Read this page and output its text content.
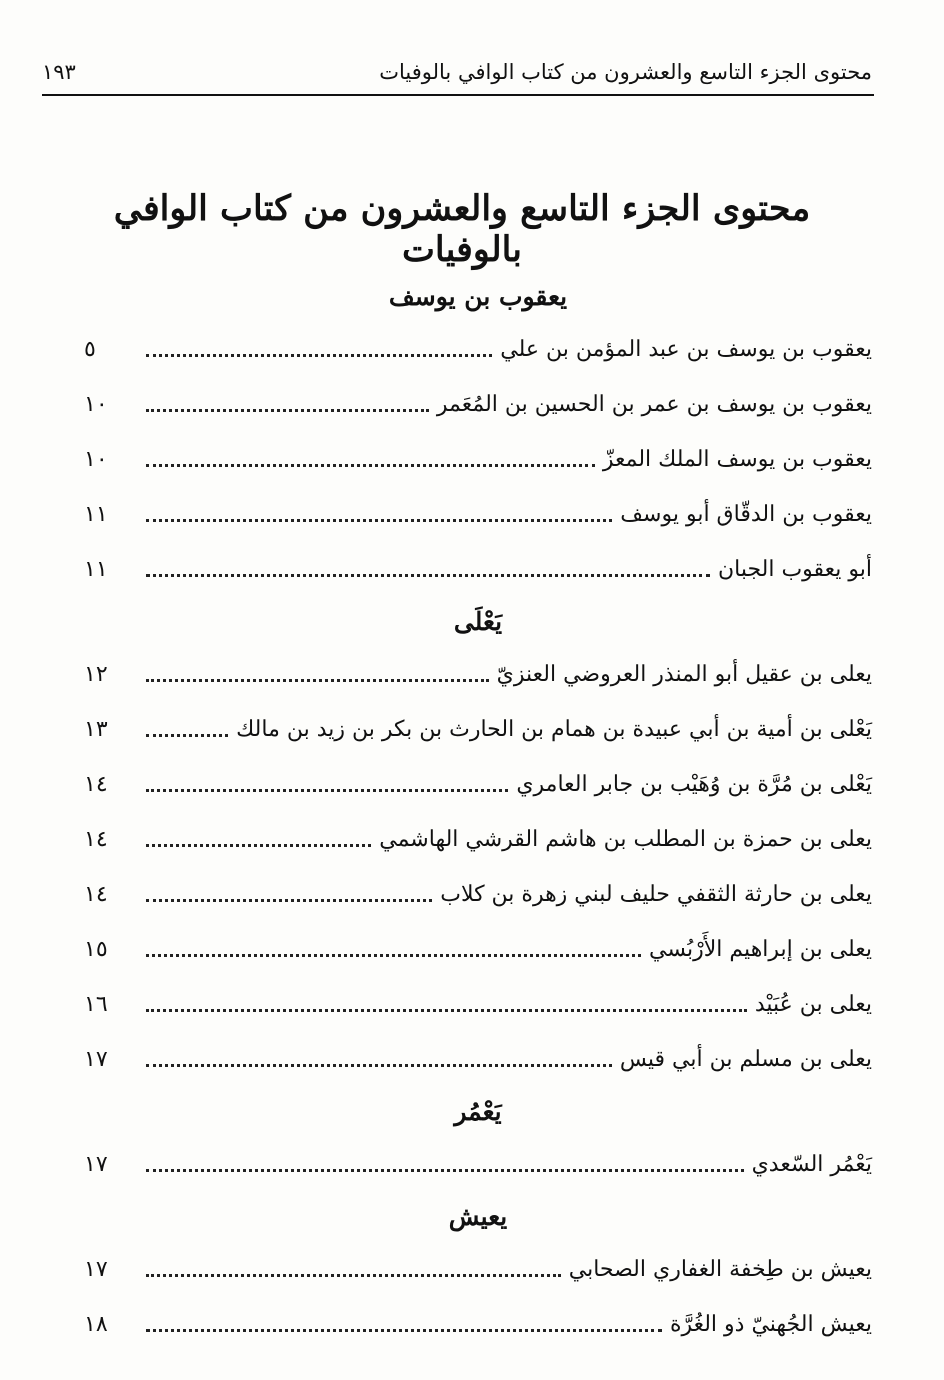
محتوى الجزء التاسع والعشرون من كتاب الوافي بالوفيات
١٩٣
محتوى الجزء التاسع والعشرون من كتاب الوافي بالوفيات
يعقوب بن يوسف
يعقوب بن يوسف بن عبد المؤمن بن علي
٥
يعقوب بن يوسف بن عمر بن الحسين بن المُعَمر
١٠
يعقوب بن يوسف الملك المعزّ
١٠
يعقوب بن الدقّاق أبو يوسف
١١
أبو يعقوب الجبان
١١
يَعْلَى
يعلى بن عقيل أبو المنذر العروضي العنزيّ
١٢
يَعْلى بن أمية بن أبي عبيدة بن همام بن الحارث بن بكر بن زيد بن مالك
١٣
يَعْلى بن مُرَّة بن وُهَيْب بن جابر العامري
١٤
يعلى بن حمزة بن المطلب بن هاشم القرشي الهاشمي
١٤
يعلى بن حارثة الثقفي حليف لبني زهرة بن كلاب
١٤
يعلى بن إبراهيم الأَرْبُسي
١٥
يعلى بن عُبَيْد
١٦
يعلى بن مسلم بن أبي قيس
١٧
يَعْمُر
يَعْمُر السّعدي
١٧
يعيش
يعيش بن طِخفة الغفاري الصحابي
١٧
يعيش الجُهنيّ ذو الغُرَّة
١٨
